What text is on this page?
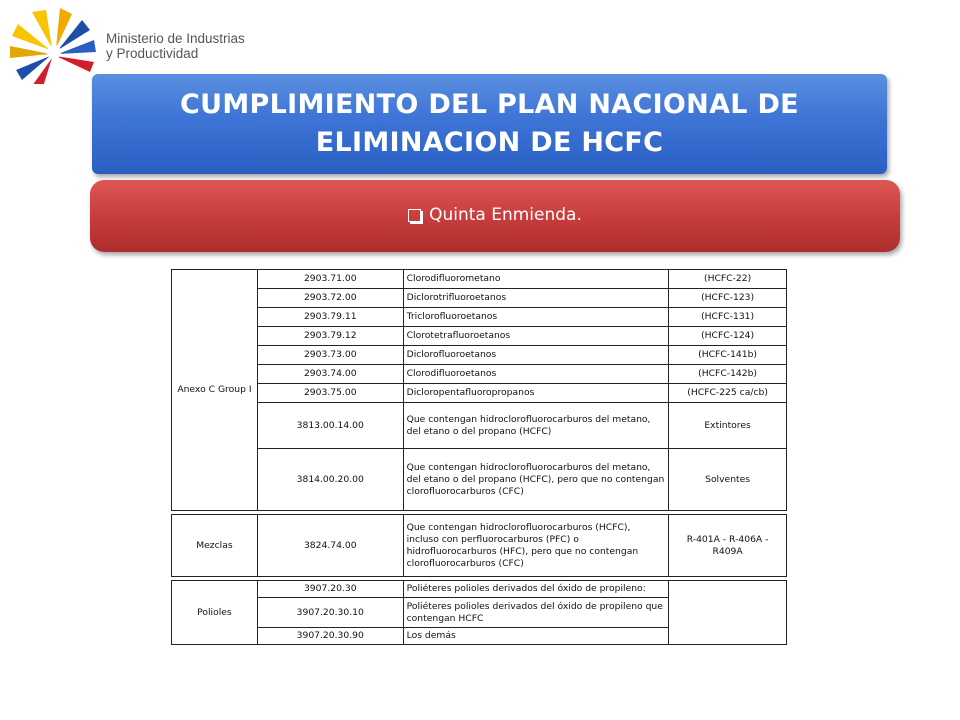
Ministerio de Industrias
y Productividad
CUMPLIMIENTO DEL PLAN NACIONAL DE
ELIMINACION DE HCFC
Quinta Enmienda.
Anexo C Group I	2903.71.00	Clorodifluorometano	(HCFC-22)
	2903.72.00	Diclorotrifluoroetanos	(HCFC-123)
	2903.79.11	Triclorofluoroetanos	(HCFC-131)
	2903.79.12	Clorotetrafluoroetanos	(HCFC-124)
	2903.73.00	Diclorofluoroetanos	(HCFC-141b)
	2903.74.00	Clorodifluoroetanos	(HCFC-142b)
	2903.75.00	Dicloropentafluoropropanos	(HCFC-225 ca/cb)
	3813.00.14.00	Que contengan hidroclorofluorocarburos del metano, del etano o del propano (HCFC)	Extintores
	3814.00.20.00	Que contengan hidroclorofluorocarburos del metano, del etano o del propano (HCFC), pero que no contengan clorofluorocarburos (CFC)	Solventes

Mezclas	3824.74.00	Que contengan hidroclorofluorocarburos (HCFC), incluso con perfluorocarburos (PFC) o hidrofluorocarburos (HFC), pero que no contengan clorofluorocarburos (CFC)	R-401A - R-406A - R409A

Polioles	3907.20.30	Poliéteres polioles derivados del óxido de propileno:	
	3907.20.30.10	Poliéteres polioles derivados del óxido de propileno que contengan HCFC	
	3907.20.30.90	Los demás	
